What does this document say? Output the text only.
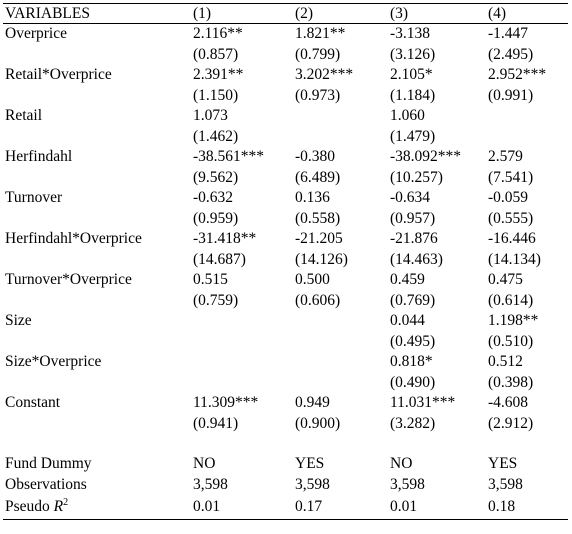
VARIABLES	(1)	(2)	(3)	(4)
Overprice	2.116**	1.821**	-3.138	-1.447
	(0.857)	(0.799)	(3.126)	(2.495)
Retail*Overprice	2.391**	3.202***	2.105*	2.952***
	(1.150)	(0.973)	(1.184)	(0.991)
Retail	1.073		1.060	
	(1.462)		(1.479)	
Herfindahl	-38.561***	-0.380	-38.092***	2.579
	(9.562)	(6.489)	(10.257)	(7.541)
Turnover	-0.632	0.136	-0.634	-0.059
	(0.959)	(0.558)	(0.957)	(0.555)
Herfindahl*Overprice	-31.418**	-21.205	-21.876	-16.446
	(14.687)	(14.126)	(14.463)	(14.134)
Turnover*Overprice	0.515	0.500	0.459	0.475
	(0.759)	(0.606)	(0.769)	(0.614)
Size			0.044	1.198**
			(0.495)	(0.510)
Size*Overprice			0.818*	0.512
			(0.490)	(0.398)
Constant	11.309***	0.949	11.031***	-4.608
	(0.941)	(0.900)	(3.282)	(2.912)

Fund Dummy	NO	YES	NO	YES
Observations	3,598	3,598	3,598	3,598
Pseudo $R^2$	0.01	0.17	0.01	0.18
